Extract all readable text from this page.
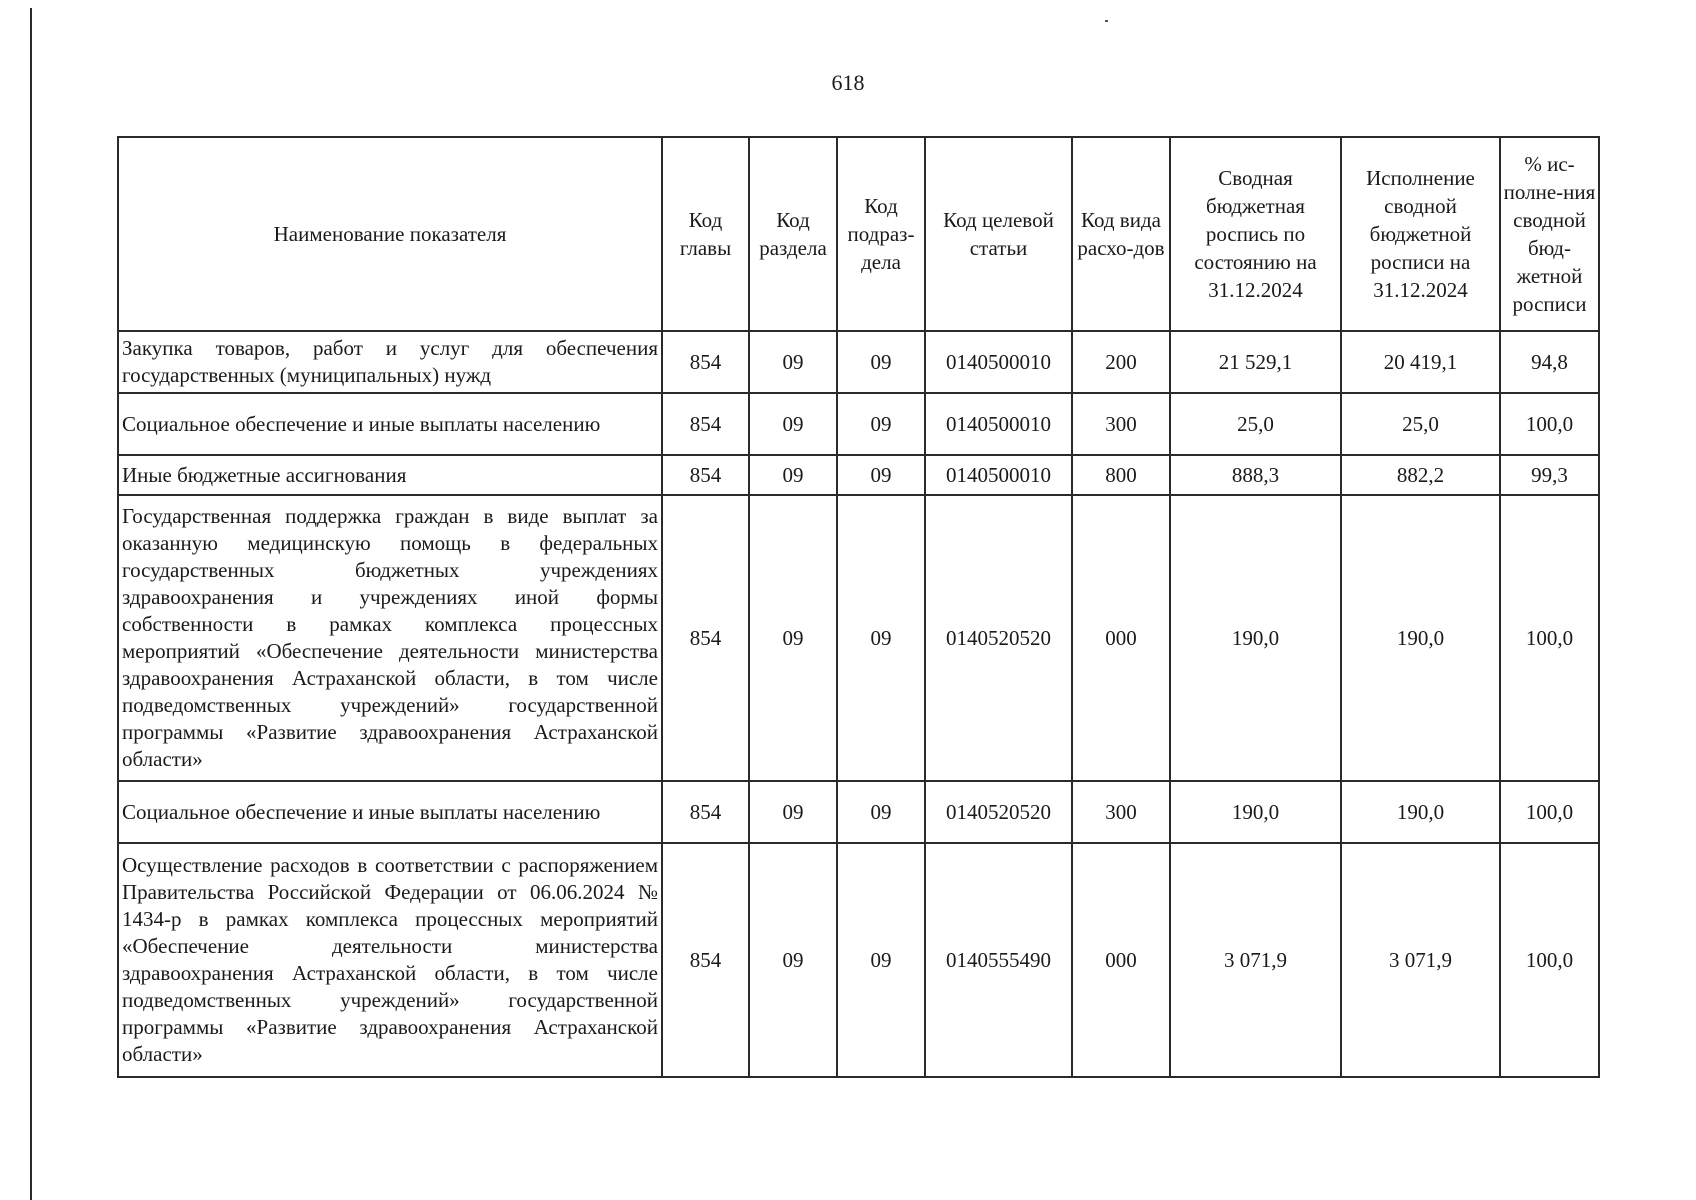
618
Наименование показателя	Код главы	Код раздела	Код подраз-дела	Код целевой статьи	Код вида расхо-дов	Сводная бюджетная роспись по состоянию на 31.12.2024	Исполнение сводной бюджетной росписи на 31.12.2024	% ис-полне-ния сводной бюд-жетной росписи
Закупка товаров, работ и услуг для обеспечения государственных (муниципальных) нужд	854	09	09	0140500010	200	21 529,1	20 419,1	94,8
Социальное обеспечение и иные выплаты населению	854	09	09	0140500010	300	25,0	25,0	100,0
Иные бюджетные ассигнования	854	09	09	0140500010	800	888,3	882,2	99,3
Государственная поддержка граждан в виде выплат за оказанную медицинскую помощь в федеральных государственных бюджетных учреждениях здравоохранения и учреждениях иной формы собственности в рамках комплекса процессных мероприятий «Обеспечение деятельности министерства здравоохранения Астраханской области, в том числе подведомственных учреждений» государственной программы «Развитие здравоохранения Астраханской области»	854	09	09	0140520520	000	190,0	190,0	100,0
Социальное обеспечение и иные выплаты населению	854	09	09	0140520520	300	190,0	190,0	100,0
Осуществление расходов в соответствии с распоряжением Правительства Российской Федерации от 06.06.2024 № 1434-р в рамках комплекса процессных мероприятий «Обеспечение деятельности министерства здравоохранения Астраханской области, в том числе подведомственных учреждений» государственной программы «Развитие здравоохранения Астраханской области»	854	09	09	0140555490	000	3 071,9	3 071,9	100,0
